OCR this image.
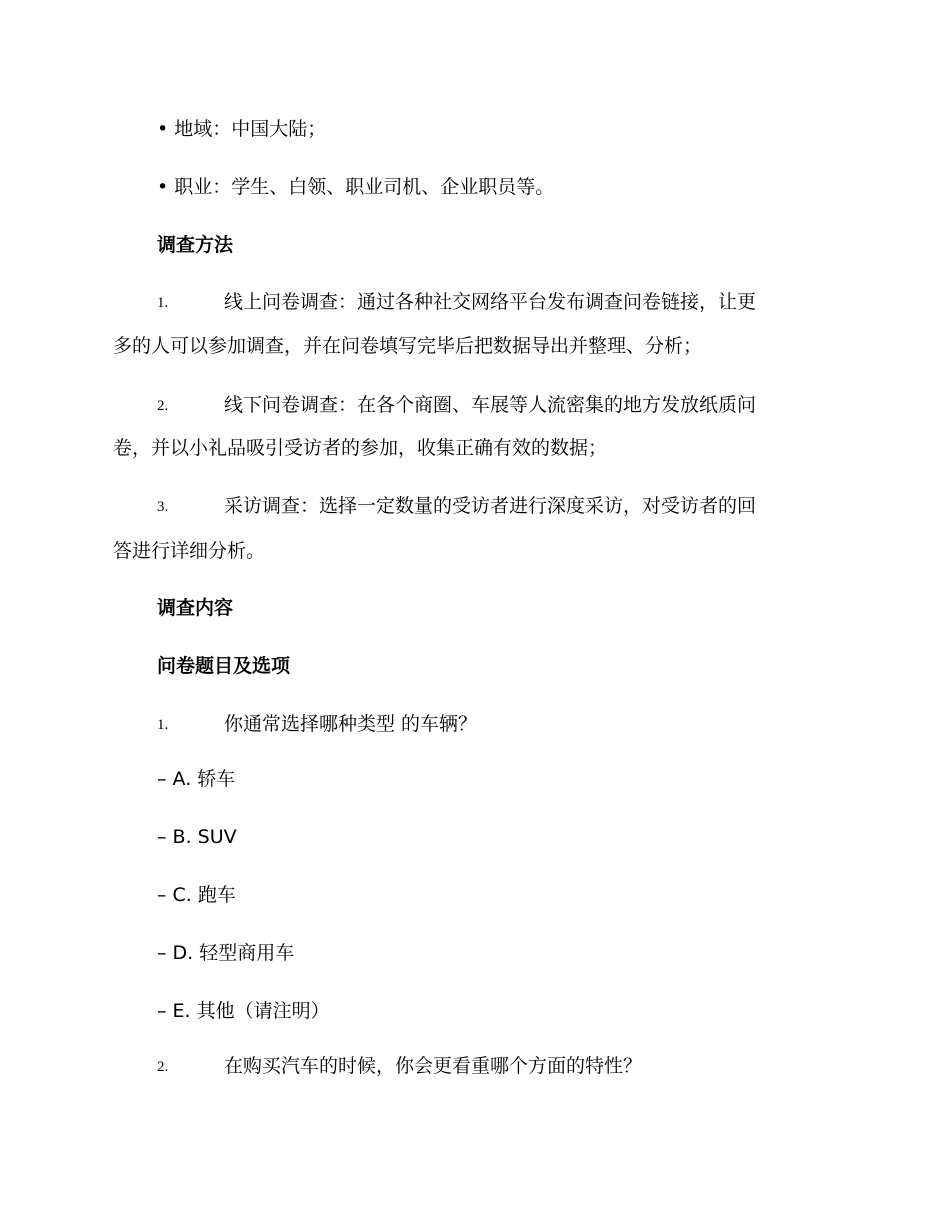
• 地域：中国大陆；
• 职业：学生、白领、职业司机、企业职员等。
调查方法
1.	线上问卷调查：通过各种社交网络平台发布调查问卷链接，让更
多的人可以参加调查，并在问卷填写完毕后把数据导出并整理、分析；
2.	线下问卷调查：在各个商圈、车展等人流密集的地方发放纸质问
卷，并以小礼品吸引受访者的参加，收集正确有效的数据；
3.	采访调查：选择一定数量的受访者进行深度采访，对受访者的回
答进行详细分析。
调查内容
问卷题目及选项
1.	你通常选择哪种类型 的车辆？
– A. 轿车
– B. SUV
– C. 跑车
– D. 轻型商用车
– E. 其他（请注明）
2.	在购买汽车的时候，你会更看重哪个方面的特性？
